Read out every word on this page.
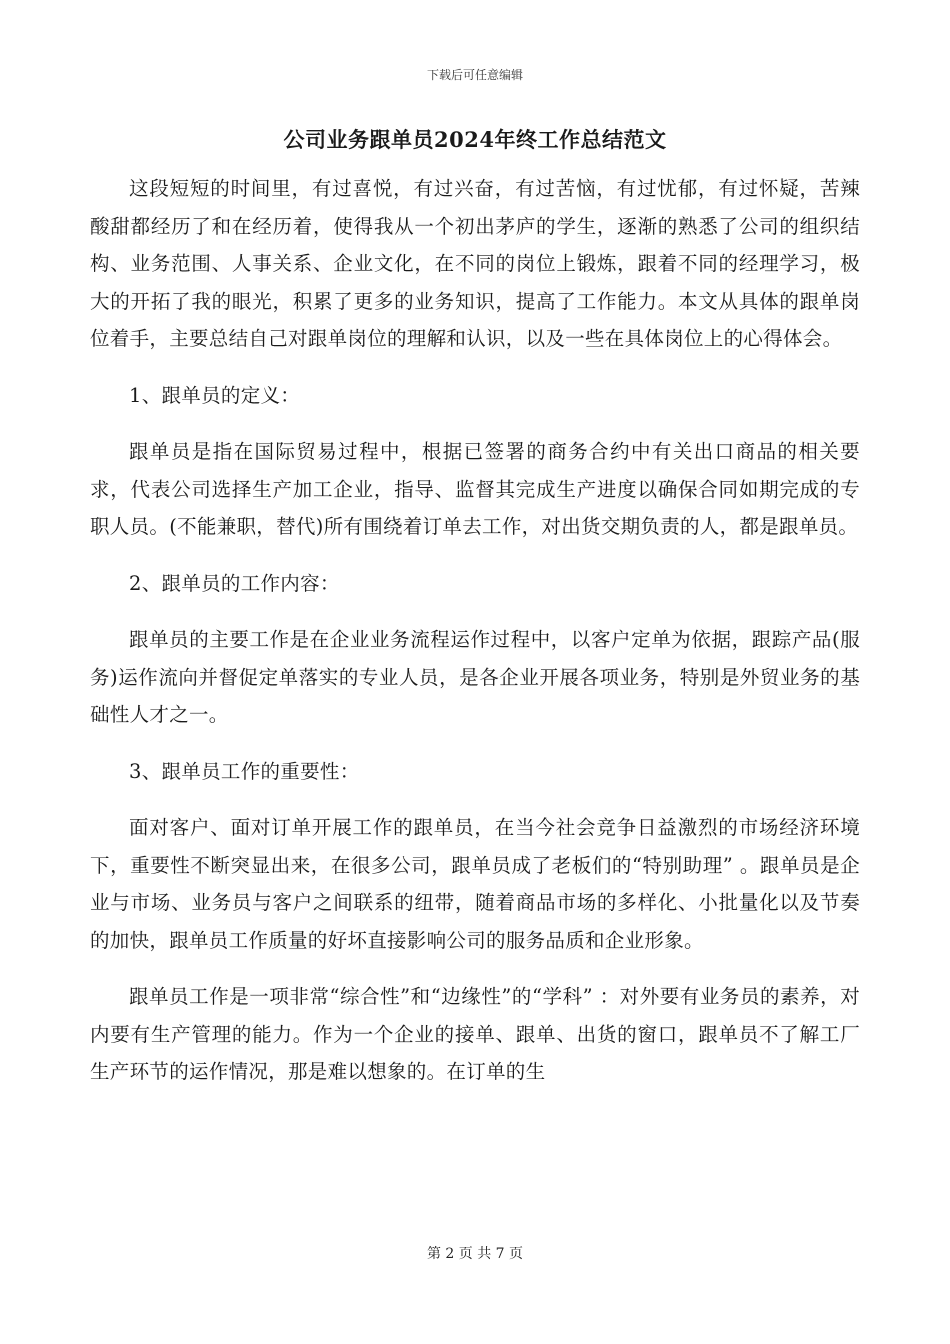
下载后可任意编辑
公司业务跟单员2024年终工作总结范文

这段短短的时间里，有过喜悦，有过兴奋，有过苦恼，有过忧郁，有过怀疑，苦辣酸甜都经历了和在经历着，使得我从一个初出茅庐的学生，逐渐的熟悉了公司的组织结构、业务范围、人事关系、企业文化，在不同的岗位上锻炼，跟着不同的经理学习，极大的开拓了我的眼光，积累了更多的业务知识，提高了工作能力。本文从具体的跟单岗位着手，主要总结自己对跟单岗位的理解和认识，以及一些在具体岗位上的心得体会。

1、跟单员的定义：

跟单员是指在国际贸易过程中，根据已签署的商务合约中有关出口商品的相关要求，代表公司选择生产加工企业，指导、监督其完成生产进度以确保合同如期完成的专职人员。(不能兼职，替代)所有围绕着订单去工作，对出货交期负责的人，都是跟单员。

2、跟单员的工作内容：

跟单员的主要工作是在企业业务流程运作过程中，以客户定单为依据，跟踪产品(服务)运作流向并督促定单落实的专业人员，是各企业开展各项业务，特别是外贸业务的基础性人才之一。

3、跟单员工作的重要性：

面对客户、面对订单开展工作的跟单员，在当今社会竞争日益激烈的市场经济环境下，重要性不断突显出来，在很多公司，跟单员成了老板们的“特别助理” 。跟单员是企业与市场、业务员与客户之间联系的纽带，随着商品市场的多样化、小批量化以及节奏的加快，跟单员工作质量的好坏直接影响公司的服务品质和企业形象。

跟单员工作是一项非常“综合性”和“边缘性”的“学科” ：对外要有业务员的素养，对内要有生产管理的能力。作为一个企业的接单、跟单、出货的窗口，跟单员不了解工厂生产环节的运作情况，那是难以想象的。在订单的生

第 2 页 共 7 页
